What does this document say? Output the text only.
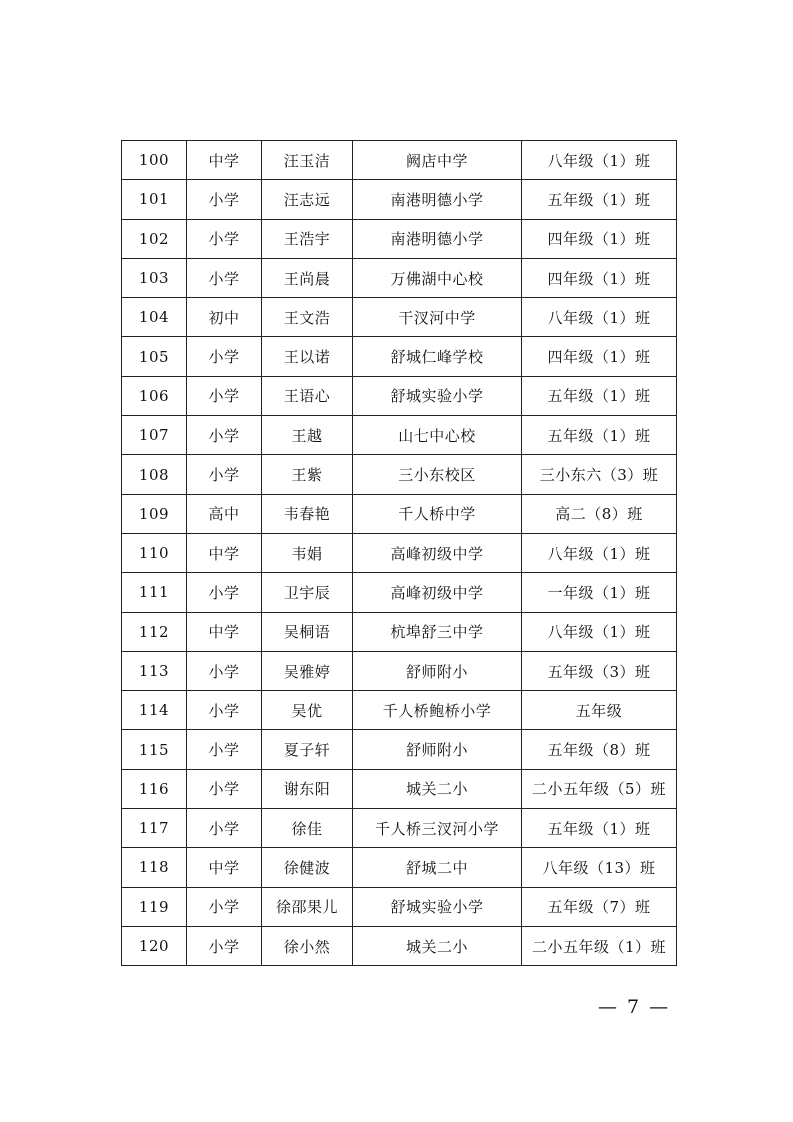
100	中学	汪玉洁	阙店中学	八年级（1）班
101	小学	汪志远	南港明德小学	五年级（1）班
102	小学	王浩宇	南港明德小学	四年级（1）班
103	小学	王尚晨	万佛湖中心校	四年级（1）班
104	初中	王文浩	干汊河中学	八年级（1）班
105	小学	王以诺	舒城仁峰学校	四年级（1）班
106	小学	王语心	舒城实验小学	五年级（1）班
107	小学	王越	山七中心校	五年级（1）班
108	小学	王紫	三小东校区	三小东六（3）班
109	高中	韦春艳	千人桥中学	高二（8）班
110	中学	韦娟	高峰初级中学	八年级（1）班
111	小学	卫宇辰	高峰初级中学	一年级（1）班
112	中学	吴桐语	杭埠舒三中学	八年级（1）班
113	小学	吴雅婷	舒师附小	五年级（3）班
114	小学	吴优	千人桥鲍桥小学	五年级
115	小学	夏子轩	舒师附小	五年级（8）班
116	小学	谢东阳	城关二小	二小五年级（5）班
117	小学	徐佳	千人桥三汊河小学	五年级（1）班
118	中学	徐健波	舒城二中	八年级（13）班
119	小学	徐邵果儿	舒城实验小学	五年级（7）班
120	小学	徐小然	城关二小	二小五年级（1）班
— 7 —
